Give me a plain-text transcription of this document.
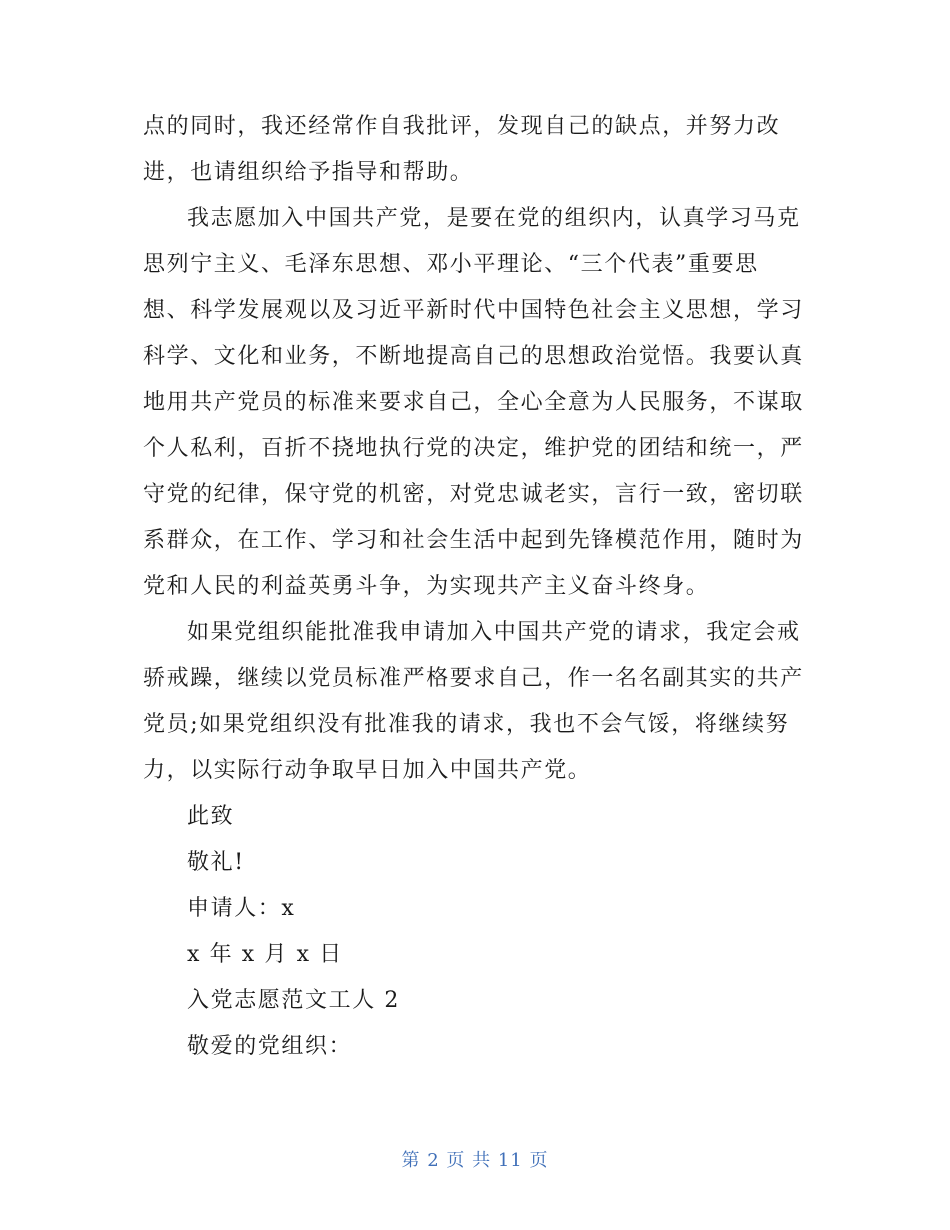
点的同时，我还经常作自我批评，发现自己的缺点，并努力改
进，也请组织给予指导和帮助。
我志愿加入中国共产党，是要在党的组织内，认真学习马克
思列宁主义、毛泽东思想、邓小平理论、“三个代表”重要思
想、科学发展观以及习近平新时代中国特色社会主义思想，学习
科学、文化和业务，不断地提高自己的思想政治觉悟。我要认真
地用共产党员的标准来要求自己，全心全意为人民服务，不谋取
个人私利，百折不挠地执行党的决定，维护党的团结和统一，严
守党的纪律，保守党的机密，对党忠诚老实，言行一致，密切联
系群众，在工作、学习和社会生活中起到先锋模范作用，随时为
党和人民的利益英勇斗争，为实现共产主义奋斗终身。
如果党组织能批准我申请加入中国共产党的请求，我定会戒
骄戒躁，继续以党员标准严格要求自己，作一名名副其实的共产
党员;如果党组织没有批准我的请求，我也不会气馁，将继续努
力，以实际行动争取早日加入中国共产党。
此致
敬礼!
申请人：x
x 年 x 月 x 日
入党志愿范文工人 2
敬爱的党组织：
第 2 页 共 11 页
